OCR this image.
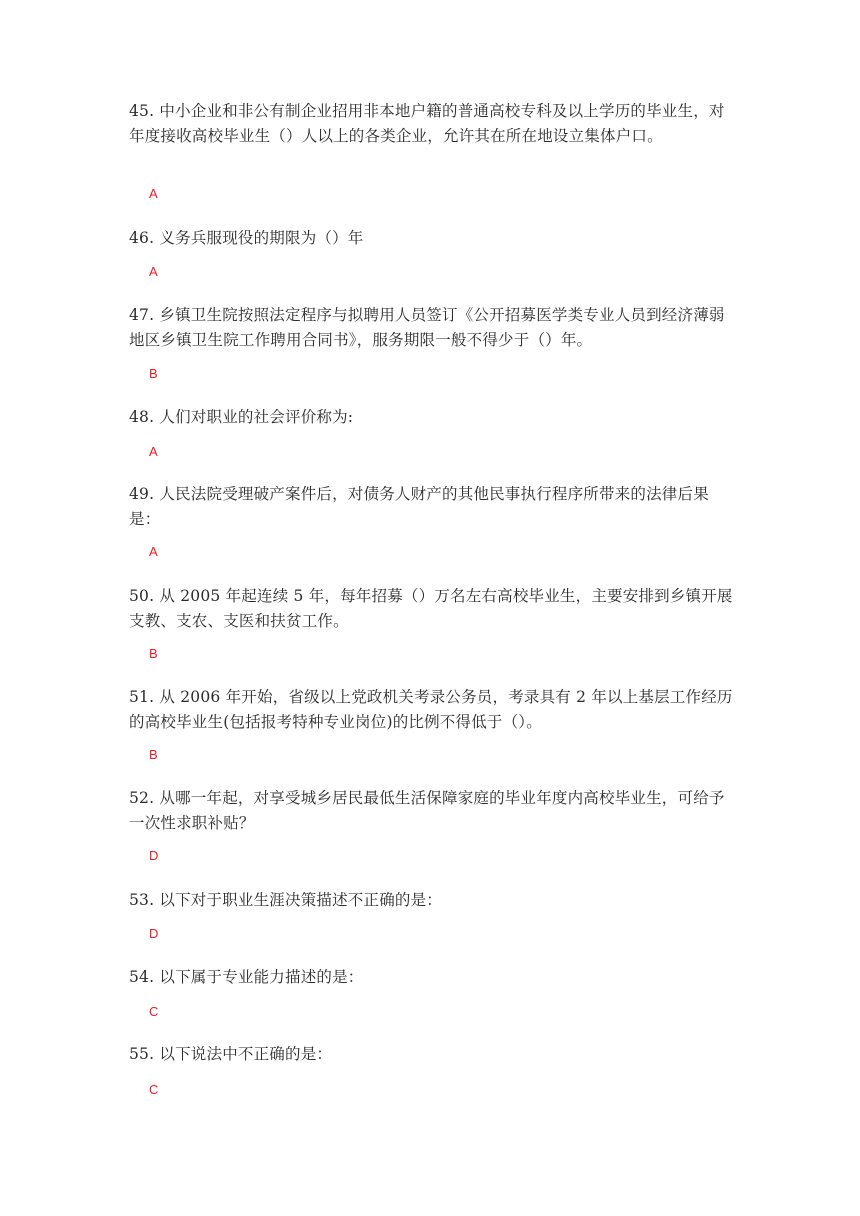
45. 中小企业和非公有制企业招用非本地户籍的普通高校专科及以上学历的毕业生，对年度接收高校毕业生（）人以上的各类企业，允许其在所在地设立集体户口。
A
46. 义务兵服现役的期限为（）年
A
47. 乡镇卫生院按照法定程序与拟聘用人员签订《公开招募医学类专业人员到经济薄弱地区乡镇卫生院工作聘用合同书》，服务期限一般不得少于（）年。
B
48. 人们对职业的社会评价称为:
A
49. 人民法院受理破产案件后，对债务人财产的其他民事执行程序所带来的法律后果是：
A
50. 从 2005 年起连续 5 年，每年招募（）万名左右高校毕业生，主要安排到乡镇开展支教、支农、支医和扶贫工作。
B
51. 从 2006 年开始，省级以上党政机关考录公务员，考录具有 2 年以上基层工作经历的高校毕业生(包括报考特种专业岗位)的比例不得低于（）。
B
52. 从哪一年起，对享受城乡居民最低生活保障家庭的毕业年度内高校毕业生，可给予一次性求职补贴？
D
53. 以下对于职业生涯决策描述不正确的是：
D
54. 以下属于专业能力描述的是：
C
55. 以下说法中不正确的是：
C
